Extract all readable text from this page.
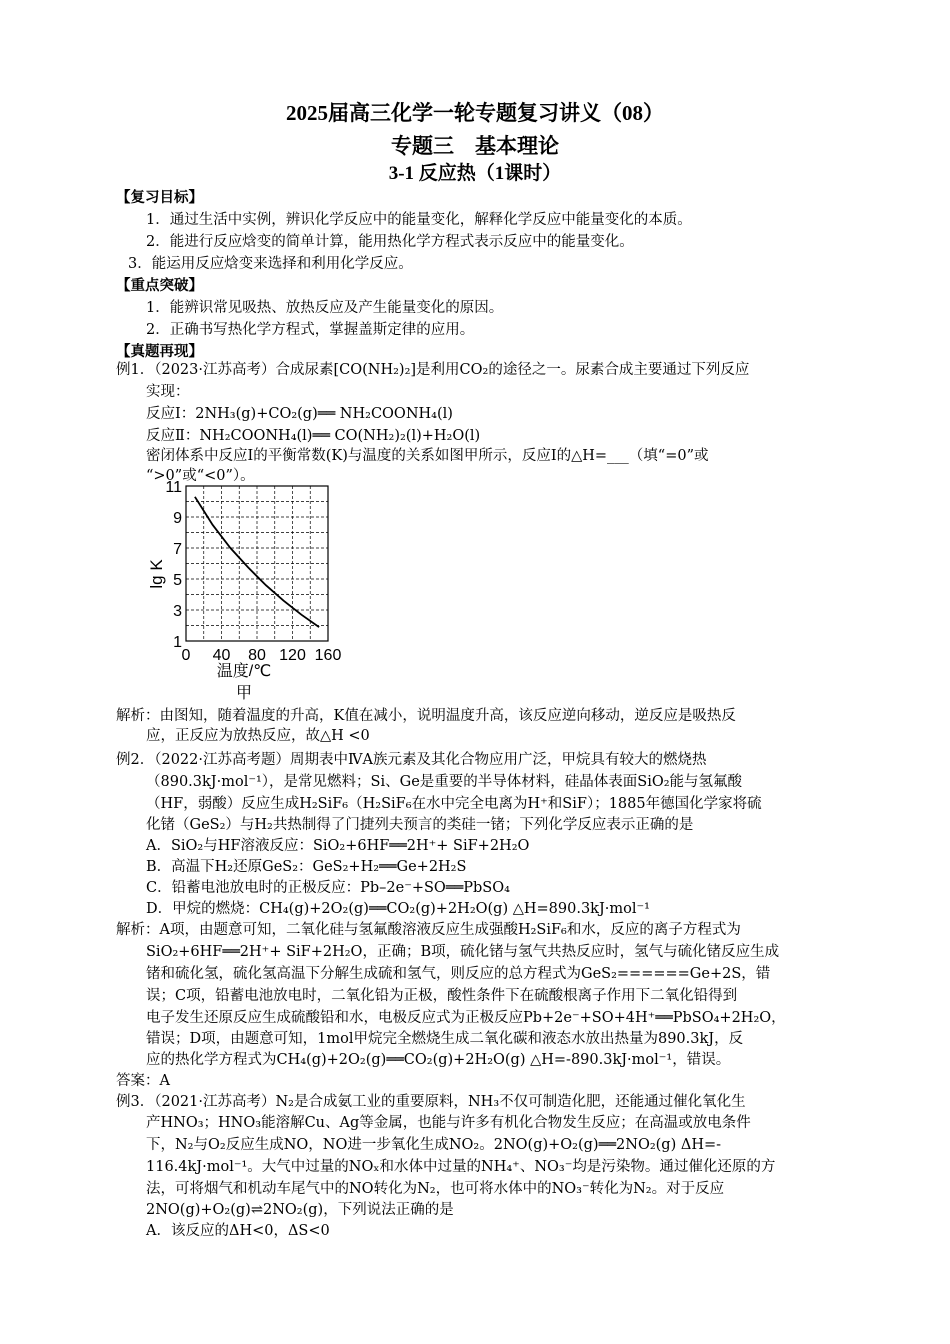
2025届高三化学一轮专题复习讲义（08）
专题三　基本理论
3-1 反应热（1课时）
【复习目标】
1．通过生活中实例，辨识化学反应中的能量变化，解释化学反应中能量变化的本质。
2．能进行反应焓变的简单计算，能用热化学方程式表示反应中的能量变化。
3．能运用反应焓变来选择和利用化学反应。
【重点突破】
1．能辨识常见吸热、放热反应及产生能量变化的原因。
2．正确书写热化学方程式，掌握盖斯定律的应用。
【真题再现】
例1．（2023·江苏高考）合成尿素[CO(NH₂)₂]是利用CO₂的途径之一。尿素合成主要通过下列反应
实现：
反应I：2NH₃(g)+CO₂(g)══ NH₂COONH₄(l)
反应Ⅱ：NH₂COONH₄(l)══ CO(NH₂)₂(l)+H₂O(l)
密闭体系中反应I的平衡常数(K)与温度的关系如图甲所示，反应I的△H=___（填“=0”或
“>0”或“<0”）。
0 40 80 120 160
1
3
5
7
9
11
lg K
温度/℃
甲
解析：由图知，随着温度的升高，K值在减小，说明温度升高，该反应逆向移动，逆反应是吸热反
应，正反应为放热反应，故△H <0
例2．（2022·江苏高考题）周期表中ⅣA族元素及其化合物应用广泛，甲烷具有较大的燃烧热
（890.3kJ·mol⁻¹），是常见燃料；Si、Ge是重要的半导体材料，硅晶体表面SiO₂能与氢氟酸
（HF，弱酸）反应生成H₂SiF₆（H₂SiF₆在水中完全电离为H⁺和SiF）；1885年德国化学家将硫
化锗（GeS₂）与H₂共热制得了门捷列夫预言的类硅一锗；下列化学反应表示正确的是
A．SiO₂与HF溶液反应：SiO₂+6HF══2H⁺+ SiF+2H₂O
B．高温下H₂还原GeS₂：GeS₂+H₂══Ge+2H₂S
C．铅蓄电池放电时的正极反应：Pb–2e⁻+SO══PbSO₄
D．甲烷的燃烧：CH₄(g)+2O₂(g)══CO₂(g)+2H₂O(g) △H=890.3kJ·mol⁻¹
解析：A项，由题意可知，二氧化硅与氢氟酸溶液反应生成强酸H₂SiF₆和水，反应的离子方程式为
SiO₂+6HF══2H⁺+ SiF+2H₂O，正确；B项，硫化锗与氢气共热反应时，氢气与硫化锗反应生成
锗和硫化氢，硫化氢高温下分解生成硫和氢气，则反应的总方程式为GeS₂======Ge+2S，错
误；C项，铅蓄电池放电时，二氧化铅为正极，酸性条件下在硫酸根离子作用下二氧化铅得到
电子发生还原反应生成硫酸铅和水，电极反应式为正极反应Pb+2e⁻+SO+4H⁺══PbSO₄+2H₂O，
错误；D项，由题意可知，1mol甲烷完全燃烧生成二氧化碳和液态水放出热量为890.3kJ，反
应的热化学方程式为CH₄(g)+2O₂(g)══CO₂(g)+2H₂O(g) △H=-890.3kJ·mol⁻¹，错误。
答案：A
例3．（2021·江苏高考）N₂是合成氨工业的重要原料，NH₃不仅可制造化肥，还能通过催化氧化生
产HNO₃；HNO₃能溶解Cu、Ag等金属，也能与许多有机化合物发生反应；在高温或放电条件
下，N₂与O₂反应生成NO，NO进一步氧化生成NO₂。2NO(g)+O₂(g)══2NO₂(g) ΔH=-
116.4kJ·mol⁻¹。大气中过量的NOₓ和水体中过量的NH₄⁺、NO₃⁻均是污染物。通过催化还原的方
法，可将烟气和机动车尾气中的NO转化为N₂，也可将水体中的NO₃⁻转化为N₂。对于反应
2NO(g)+O₂(g)⇌2NO₂(g)，下列说法正确的是
A．该反应的ΔH<0，ΔS<0
